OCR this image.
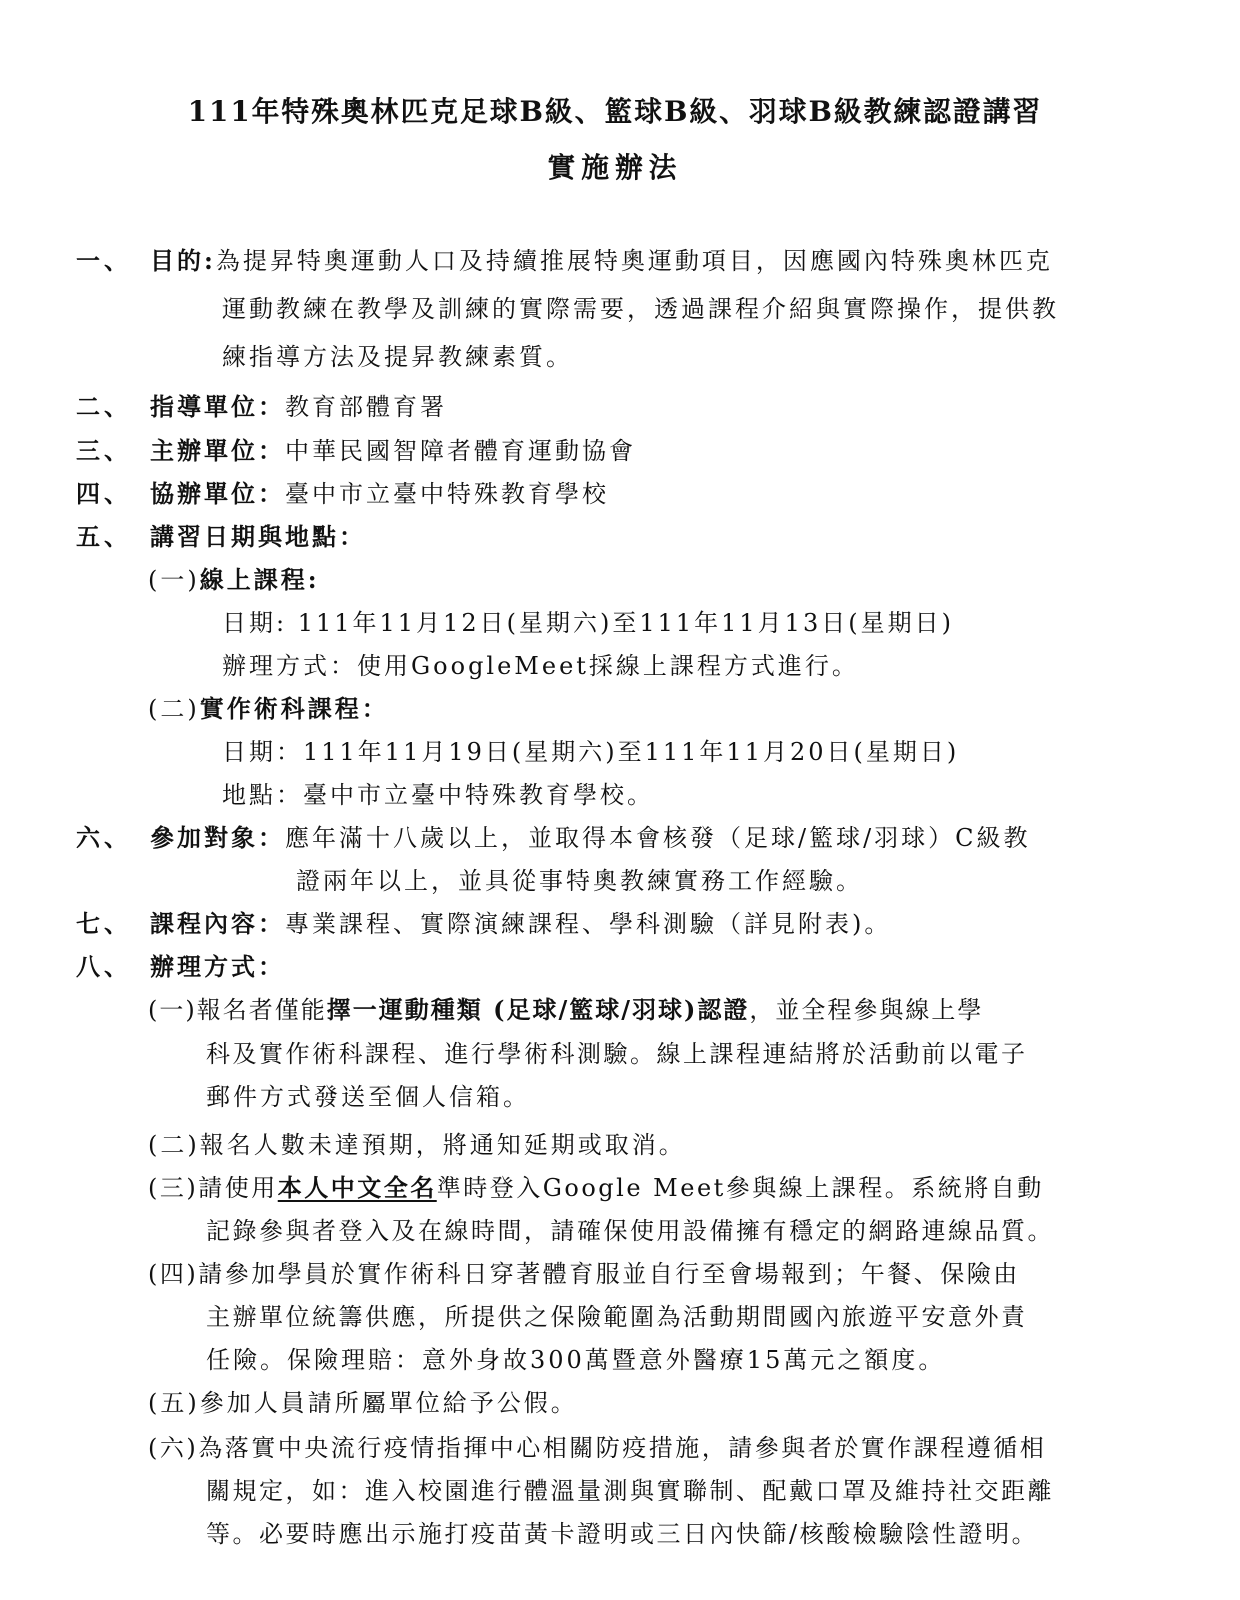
111年特殊奧林匹克足球B級、籃球B級、羽球B級教練認證講習
實施辦法
一、 目的:為提昇特奧運動人口及持續推展特奧運動項目，因應國內特殊奧林匹克
運動教練在教學及訓練的實際需要，透過課程介紹與實際操作，提供教
練指導方法及提昇教練素質。
二、 指導單位：教育部體育署
三、 主辦單位：中華民國智障者體育運動協會
四、 協辦單位：臺中市立臺中特殊教育學校
五、 講習日期與地點：
(一)線上課程:
日期: 111年11月12日(星期六)至111年11月13日(星期日)
辦理方式：使用GoogleMeet採線上課程方式進行。
(二)實作術科課程：
日期：111年11月19日(星期六)至111年11月20日(星期日)
地點：臺中市立臺中特殊教育學校。
六、 參加對象：應年滿十八歲以上，並取得本會核發（足球/籃球/羽球）C級教
證兩年以上，並具從事特奧教練實務工作經驗。
七、 課程內容：專業課程、實際演練課程、學科測驗（詳見附表)。
八、 辦理方式：
(一)報名者僅能擇一運動種類 (足球/籃球/羽球)認證，並全程參與線上學
科及實作術科課程、進行學術科測驗。線上課程連結將於活動前以電子
郵件方式發送至個人信箱。
(二)報名人數未達預期，將通知延期或取消。
(三)請使用本人中文全名準時登入Google Meet參與線上課程。系統將自動
記錄參與者登入及在線時間，請確保使用設備擁有穩定的網路連線品質。
(四)請參加學員於實作術科日穿著體育服並自行至會場報到；午餐、保險由
主辦單位統籌供應，所提供之保險範圍為活動期間國內旅遊平安意外責
任險。保險理賠：意外身故300萬暨意外醫療15萬元之額度。
(五)參加人員請所屬單位給予公假。
(六)為落實中央流行疫情指揮中心相關防疫措施，請參與者於實作課程遵循相
關規定，如：進入校園進行體溫量測與實聯制、配戴口罩及維持社交距離
等。必要時應出示施打疫苗黃卡證明或三日內快篩/核酸檢驗陰性證明。
